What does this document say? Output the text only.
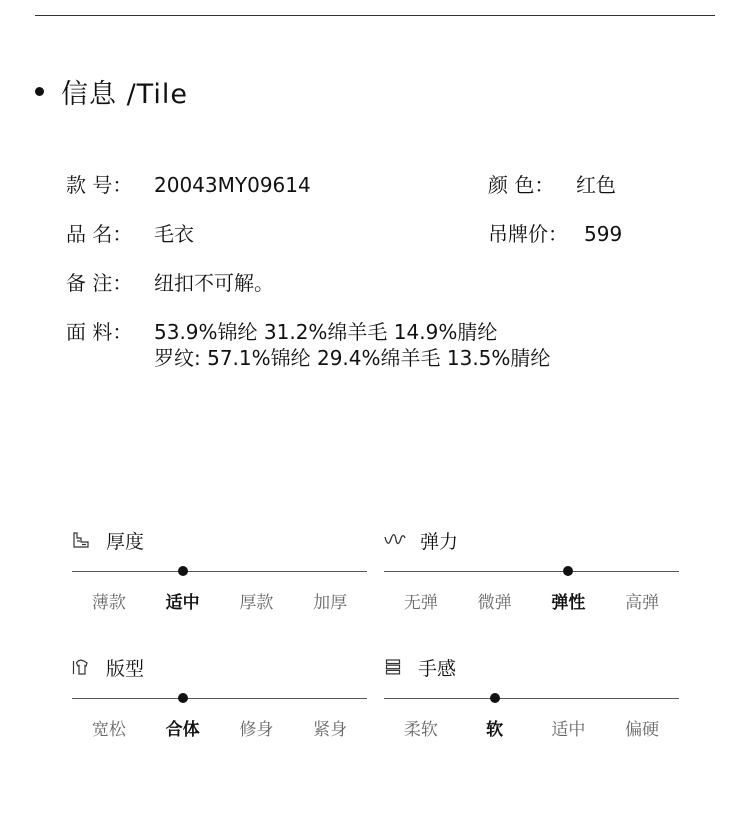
信息 /Tile
款 号： 20043MY09614	颜 色： 红色
品 名： 毛衣	吊牌价： 599
备 注： 纽扣不可解。
面 料： 53.9%锦纶 31.2%绵羊毛 14.9%腈纶
罗纹: 57.1%锦纶 29.4%绵羊毛 13.5%腈纶
厚度
薄款	适中	厚款	加厚
弹力
无弹	微弹	弹性	高弹
版型
宽松	合体	修身	紧身
手感
柔软	软	适中	偏硬
